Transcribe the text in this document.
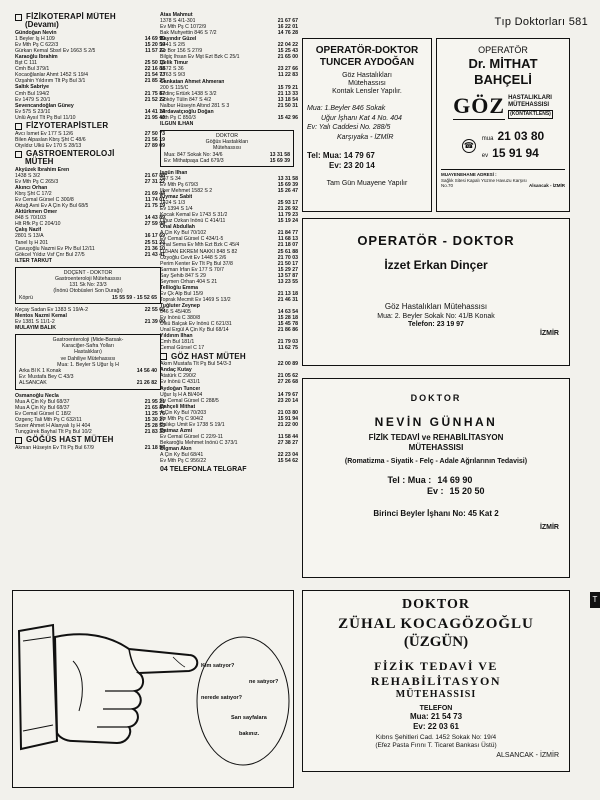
Tıp Doktorları 581
FİZİKOTERAPİ MÜTEH
(Devamı)
Gündoğan Nevin
1 Beyler İş H 109	14 69 90
Ev Mth Pş C 622/3	15 20 50
Gürkan Kemal Sbsrl Ev 1663 S 2/5	11 57 22
Karaoğlu İbrahim
Bşt C 111	25 50 16
Cmh Bul 379/1	22 16 88
Kocaoğlanlar Ahmt 1452 S 19/4	21 54 73
Özşahin Yıldırım Tlt Pş Bul 3/1	21 85 33
Saltık Sabriye
Cmh Bul 194/2	21 75 87
Ev 1479 S 20/1	21 52 22
Sevencandoğlan Güney
Ev 575 S 23/10	14 41 14
Ünlü Aysıl Tlt Pş Bul 11/10	21 95 40
FİZYOTERAPİSTLER
Avcı İsmet Ev 177 S 12/6	27 50 73
Bilen Alpaslan Kbrş Şht C 48/6	21 56 19
Otyıldız Ülkü Ev 170 S 28/13	27 89 09
GASTROENTEROLOJİ
MÜTEH
Akyüzek İbrahim Eren
1438 S 3/2	21 67 88
Ev Mth Pş C 265/3	27 31 22
Akıncı Orhan
Kbrş Şht C 17/2	21 69 44
Ev Cemal Gürsel C 300/8	11 74 01
Aktuğ Avni Ev A Çin Ky Bul 68/5	21 75 19
Aktürkmen Ömer
848 S 70/103	14 43 89
Hlt Rfk Pş C 204/10	27 59 94
Çalış Nazif
2801 S 13/A	16 17 69
Tanel İş H 201	25 51 23
Çavuşoğlu Nazmi Ev Plv Bul 12/11	21 36 10
Gökcel Yıldız Vsf Çnr Bul 27/5	21 43 41
İLTER TARKUT
DOÇENT - DOKTOR
Gastroenteroloji Mütehassısı
131 Sk No: 23/3
(İnönü Otobüsleri Son Durağı)
Köprü	15 55 59 - 15 52 65
Keçay Sadan Ev 1383 S 19/A-2	22 55 65
Mentos Nazmi Kemal
Ev 1381 S 11/1-2	21 39 00
MÜLAYİM BALİK
Gastroenteroloji (Mide-Barsak-
Karaciğer-Safra Yolları
Hastalıkları)
ve Dahiliye Mütehassısı
Mua: 1. Beyler S Uğur İş H
Arka Bl K 1 Konak	14 56 40
Ev: Mustafa Bey C 43/3
ALSANCAK	21 26 82
Osmanoğlu Necla
Mua A Çin Ky Bul 68/37	21 95 21
Mua A Çin Ky Bul 68/37	21 65 87
Ev Cemal Gürsel C 18/2	11 25 76
Özgenç Tali Mth Pş C 632/11	15 30 27
Sezer Ahmet H Alanyalı İş H 404	25 28 53
Tunçgürek Bayhal Tlt Pş Bul 10/2	21 83 33
GÖĞÜS HAST MÜTEH
Akman Hüseyin Ev Tlt Pş Bul 67/9	21 18 57
Atas Mahmut
1378 S 4/1-301	21 67 67
Ev Mth Pş C 1072/9	16 22 01
Bak Muhyettin 846 S 7/2	14 76 28
Bayındır Güzel
1441 S 2/5	22 04 22
Ev Bor 156 S 27/9	15 25 43
Bilgiç İhsan Ev Mşt Ezt Bzk C 25/1	21 65 00
Çelik Timur
1672 S 36	23 27 66
1763 S 9/3	11 22 83
Cankatan Ahmet Ahmeran
200 S 115/C	15 79 21
Erdinç Ertürk 1438 S 3/2	21 13 33
Gököy Tülin 847 S 4/2	13 18 54
Nalbur Hüseyin Altınd 281 S 3	21 50 31
Nirdavatçıoğlu Doğan
Mth Pş C 850/3	15 42 96
İLGÜN İLHAN
DOKTOR
Göğüs Hastalıkları
Mütehassısı
Mua: 847 Sokak No: 34/6	13 31 58
Ev: Mithatpaşa Cad 679/3	15 69 39
İşgün İlhan
847 S 34	13 31 58
Ev Mth Pş 679/3	15 69 39
İlker Mehmet 1582 S 2	15 26 47
Kıymaz Sabit
1424 S 1/3	25 93 17
Ev 1394 S 1/4	21 26 92
Kocak Kemal Ev 1743 S 31/2	11 79 23
Oğuz Özkan İnönü C 414/11	15 19 24
Önal Abdullah
A Çin Ky Bul 70/102	21 84 77
Ev Cemal Gürsel C 434/1-5	11 68 13
Önal Sema Ev Mth Ezt Bzk C 45/4	21 18 07
ÖZHAN EKREM NAKKİ 848 S 82	25 61 88
Özyoğlu Cevit Ev 1448 S 2/6	21 70 03
Perim Kenter Ev Tlt Pş Bul 37/8	21 50 17
Sarman İrfan Ev 177 S 70/7	15 29 27
Say Şehib 847 S 29	13 57 87
Seymen Orhan 404 S 21	13 23 55
Tellioğlu Emma
Ev Çk Alp Bul 15/9	21 13 18
Toprak Mecmit Ev 1469 S 13/2	21 46 31
Tuğluter Zeynep
846 S 45/405	14 63 54
Ev İnönü C 380/8	15 28 18
Ülkü Balçak Ev İnönü C 621/31	15 45 78
Ünal Ergül A Çin Ky Bul 68/14	21 86 86
Yıldırım İlhan
Cmh Bul 181/1	21 79 03
Cemal Gürsel C 17	11 62 75
GÖZ HAST MÜTEH
Akım Mustafa Tlt Pş Bul 54/3-3	22 00 89
Andaç Kutay
Atatürk C 290/2	21 05 62
Ev İnönü C 431/1	27 26 68
Aydoğan Tuncer
Uğur İş H A Bl/404	14 79 67
Ev Cemal Gürsel C 288/5	23 20 14
Bahçeli Mithat
A Çin Ky Bul 70/203	21 03 80
Ev Mth Pş C 904/2	15 91 94
Balıkçı Ümit Ev 1738 S 19/1	21 22 00
Batmaz Azmi
Ev Cemal Gürsel C 22/9-11	11 58 44
Bekaroğlu Mehmet İnönü C 373/1	27 38 27
Bigman Akın
A Çin Ky Bul 68/41	22 23 04
Ev Mth Pş C 956/22	15 54 62
04 TELEFONLA TELGRAF
OPERATÖR-DOKTOR
TUNCER AYDOĞAN
Göz Hastalıkları
Mütehassısı
Kontak Lensler Yapılır.
Mua: 1.Beyler 846 Sokak
Uğur İşhanı Kat 4 No. 404
Ev: Yalı Caddesi No. 288/5
Karşıyaka - İZMİR
Tel: Mua: 14 79 67
Ev: 23 20 14
Tam Gün Muayene Yapılır
OPERATÖR
Dr. MİTHAT
BAHÇELİ
GÖZ HASTALIKLARI
MÜTEHASSISI
(KONTAKTLENS)
☎
mua 21 03 80
ev 15 91 94
MUAYENEHANE ADRESİ :
Sağlık Sitesi Kapalı Yüzme Havuzu Karşısı
No.70	Alsancak - İZMİR
OPERATÖR - DOKTOR
İzzet Erkan Dinçer
Göz Hastalıkları Mütehassısı
Mua: 2. Beyler Sokak No: 41/B Konak
Telefon: 23 19 97
İZMİR
DOKTOR
NEVİN GÜNHAN
FİZİK TEDAVİ ve REHABİLİTASYON
MÜTEHASSISI
(Romatizma - Siyatik - Felç - Adale Ağrılarının Tedavisi)
Tel : Mua : 14 69 90
Ev : 15 20 50
Birinci Beyler İşhanı No: 45 Kat 2
İZMİR
DOKTOR
ZÜHAL KOCAGÖZOĞLU
(ÜZGÜN)
FİZİK TEDAVİ VE REHABİLİTASYON
MÜTEHASSISI
TELEFON
Mua: 21 54 73
Ev: 22 03 61
Kıbrıs Şehitleri Cad. 1452 Sokak No: 19/4
(Efez Pasta Fırını T. Ticaret Bankası Üstü)
ALSANCAK - İZMİR
Kim satıyor?
ne satıyor?
nerede satıyor?
Sarı sayfalara
bakınız.
T
